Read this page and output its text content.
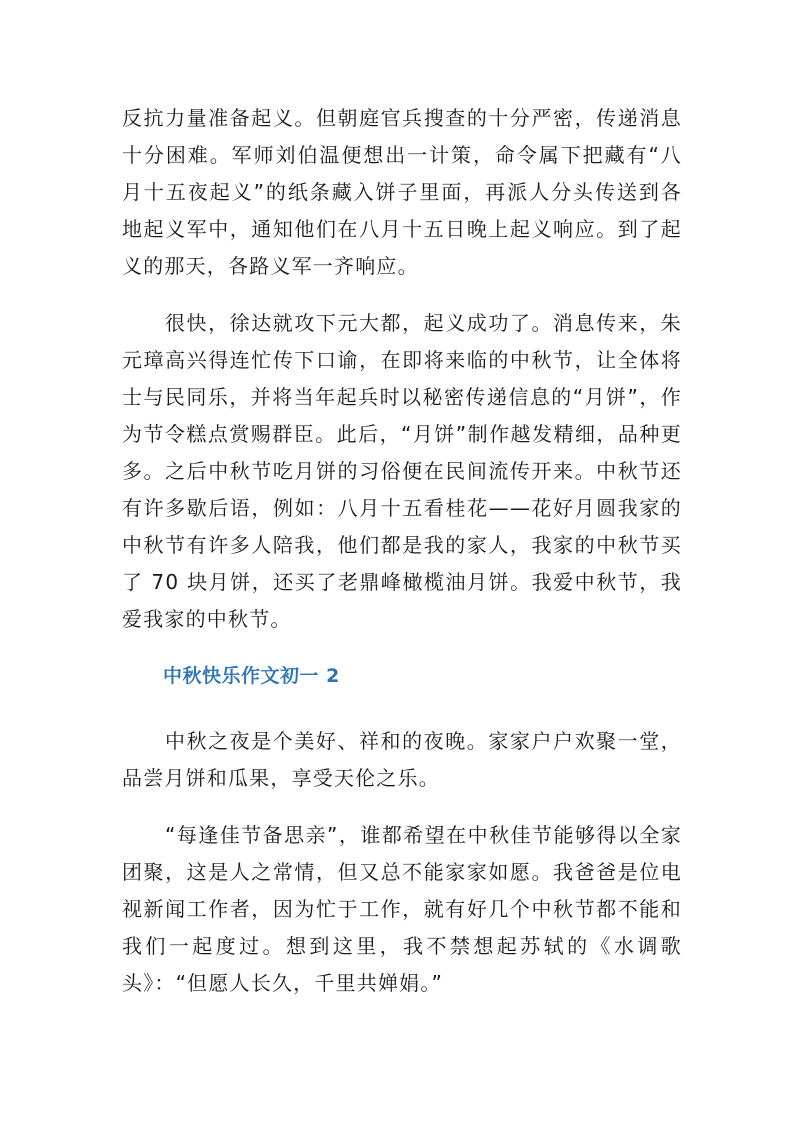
反抗力量准备起义。但朝庭官兵搜查的十分严密，传递消息十分困难。军师刘伯温便想出一计策，命令属下把藏有“八月十五夜起义”的纸条藏入饼子里面，再派人分头传送到各地起义军中，通知他们在八月十五日晚上起义响应。到了起义的那天，各路义军一齐响应。

很快，徐达就攻下元大都，起义成功了。消息传来，朱元璋高兴得连忙传下口谕，在即将来临的中秋节，让全体将士与民同乐，并将当年起兵时以秘密传递信息的“月饼”，作为节令糕点赏赐群臣。此后，“月饼”制作越发精细，品种更多。之后中秋节吃月饼的习俗便在民间流传开来。中秋节还有许多歇后语，例如：八月十五看桂花——花好月圆我家的中秋节有许多人陪我，他们都是我的家人，我家的中秋节买了 70 块月饼，还买了老鼎峰橄榄油月饼。我爱中秋节，我爱我家的中秋节。

中秋快乐作文初一 2

中秋之夜是个美好、祥和的夜晚。家家户户欢聚一堂，品尝月饼和瓜果，享受天伦之乐。

“每逢佳节备思亲”，谁都希望在中秋佳节能够得以全家团聚，这是人之常情，但又总不能家家如愿。我爸爸是位电视新闻工作者，因为忙于工作，就有好几个中秋节都不能和我们一起度过。想到这里，我不禁想起苏轼的《水调歌头》：“但愿人长久，千里共婵娟。”
